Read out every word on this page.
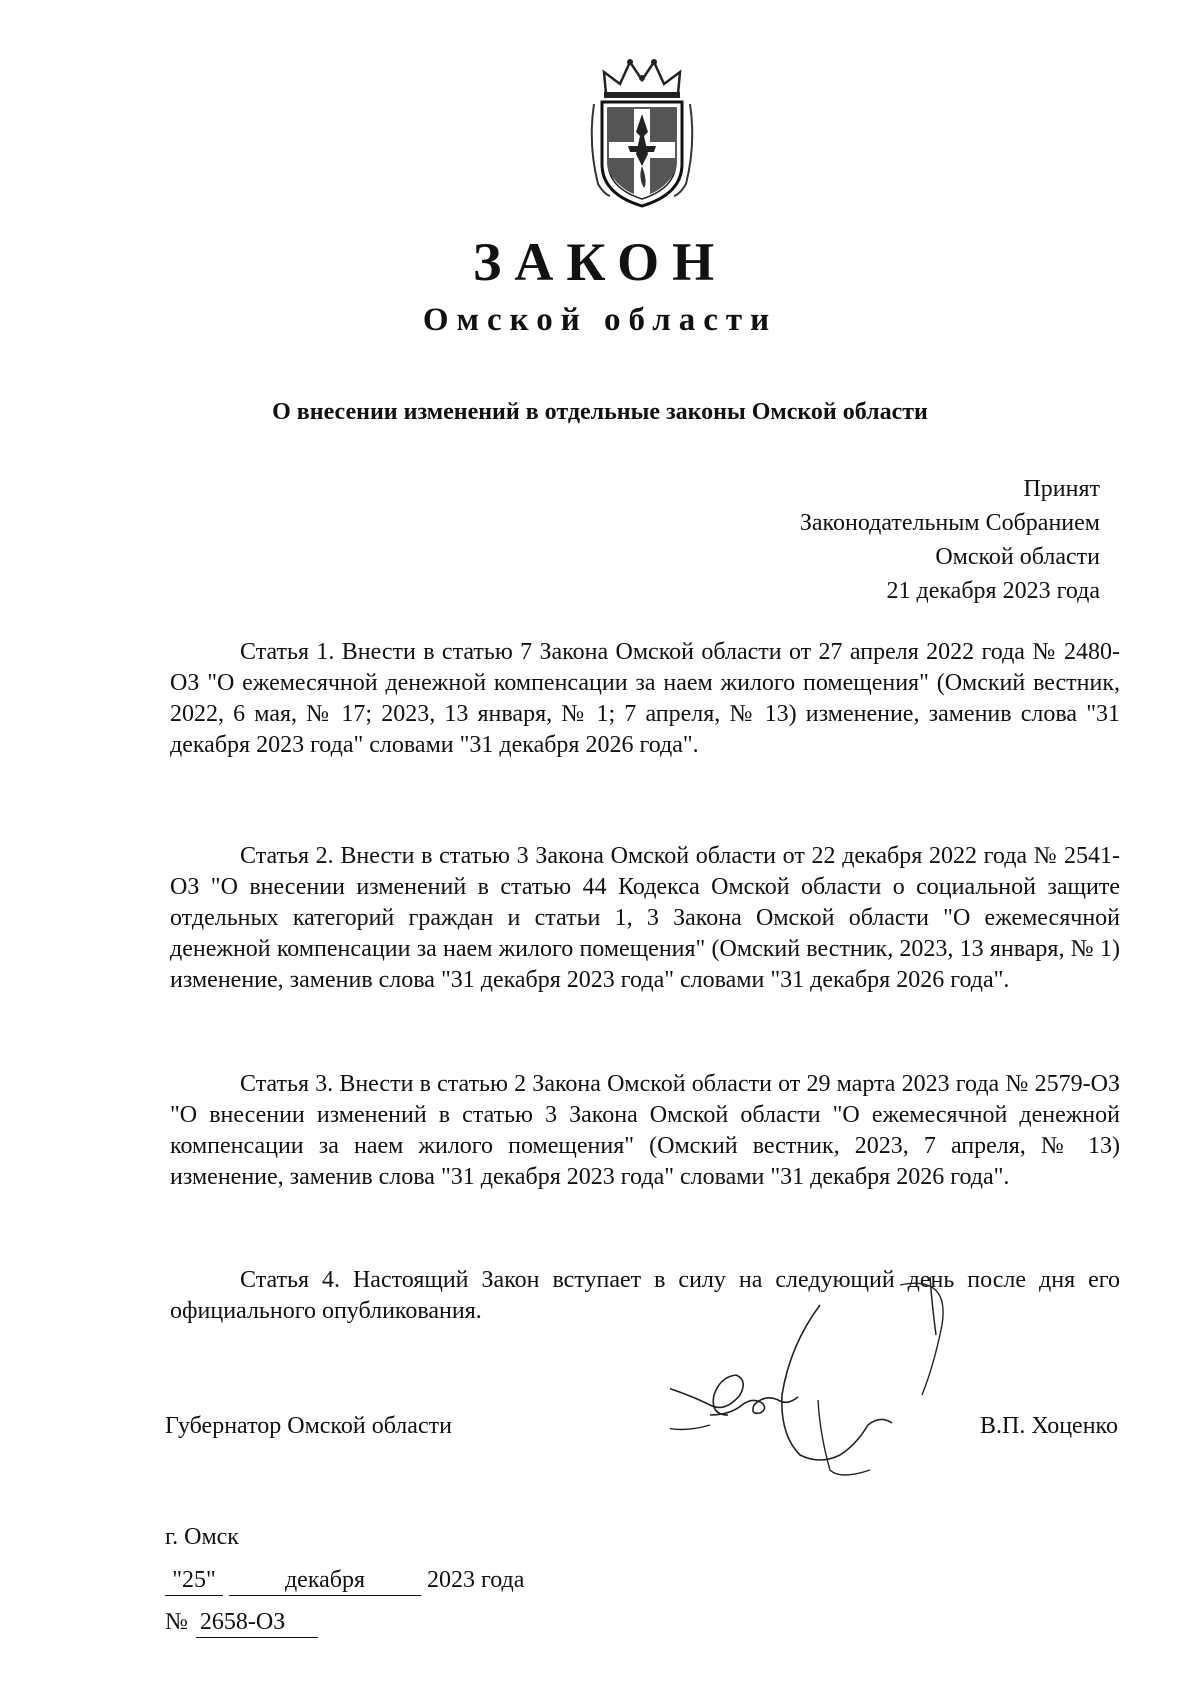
ЗАКОН
Омской области
О внесении изменений в отдельные законы Омской области
Принят
Законодательным Собранием
Омской области
21 декабря 2023 года

Статья 1. Внести в статью 7 Закона Омской области от 27 апреля 2022 года № 2480-ОЗ "О ежемесячной денежной компенсации за наем жилого помещения" (Омский вестник, 2022, 6 мая, № 17; 2023, 13 января, № 1; 7 апреля, № 13) изменение, заменив слова "31 декабря 2023 года" словами "31 декабря 2026 года".

Статья 2. Внести в статью 3 Закона Омской области от 22 декабря 2022 года № 2541-ОЗ "О внесении изменений в статью 44 Кодекса Омской области о социальной защите отдельных категорий граждан и статьи 1, 3 Закона Омской области "О ежемесячной денежной компенсации за наем жилого помещения" (Омский вестник, 2023, 13 января, № 1) изменение, заменив слова "31 декабря 2023 года" словами "31 декабря 2026 года".

Статья 3. Внести в статью 2 Закона Омской области от 29 марта 2023 года № 2579-ОЗ "О внесении изменений в статью 3 Закона Омской области "О ежемесячной денежной компенсации за наем жилого помещения" (Омский вестник, 2023, 7 апреля, № 13) изменение, заменив слова "31 декабря 2023 года" словами "31 декабря 2026 года".

Статья 4. Настоящий Закон вступает в силу на следующий день после дня его официального опубликования.

Губернатор Омской области	В.П. Хоценко
г. Омск
"25"	декабря	2023 года
№ 2658-ОЗ
